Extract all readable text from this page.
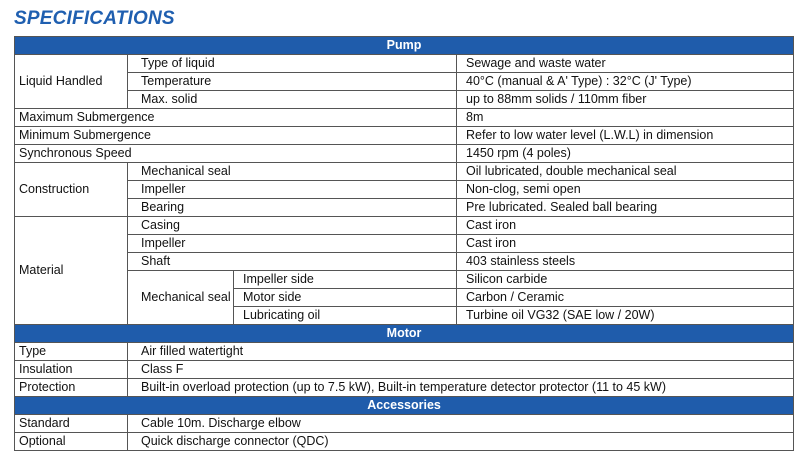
SPECIFICATIONS
Pump			
Liquid Handled	Type of liquid		Sewage and waste water
	Temperature		40°C (manual & A' Type) : 32°C (J' Type)
	Max. solid		up to 88mm solids / 110mm fiber
Maximum Submergence			8m
Minimum Submergence			Refer to low water level (L.W.L) in dimension
Synchronous Speed			1450 rpm (4 poles)
Construction	Mechanical seal		Oil lubricated, double mechanical seal
	Impeller		Non-clog, semi open
	Bearing		Pre lubricated. Sealed ball bearing
Material	Casing		Cast iron
	Impeller		Cast iron
	Shaft		403 stainless steels
	Mechanical seal	Impeller side	Silicon carbide
		Motor side	Carbon / Ceramic
		Lubricating oil	Turbine oil VG32 (SAE low / 20W)
Motor			
Type	Air filled watertight		
Insulation	Class F		
Protection	Built-in overload protection (up to 7.5 kW), Built-in temperature detector protector (11 to 45 kW)		
Accessories			
Standard	Cable 10m. Discharge elbow		
Optional	Quick discharge connector (QDC)		
